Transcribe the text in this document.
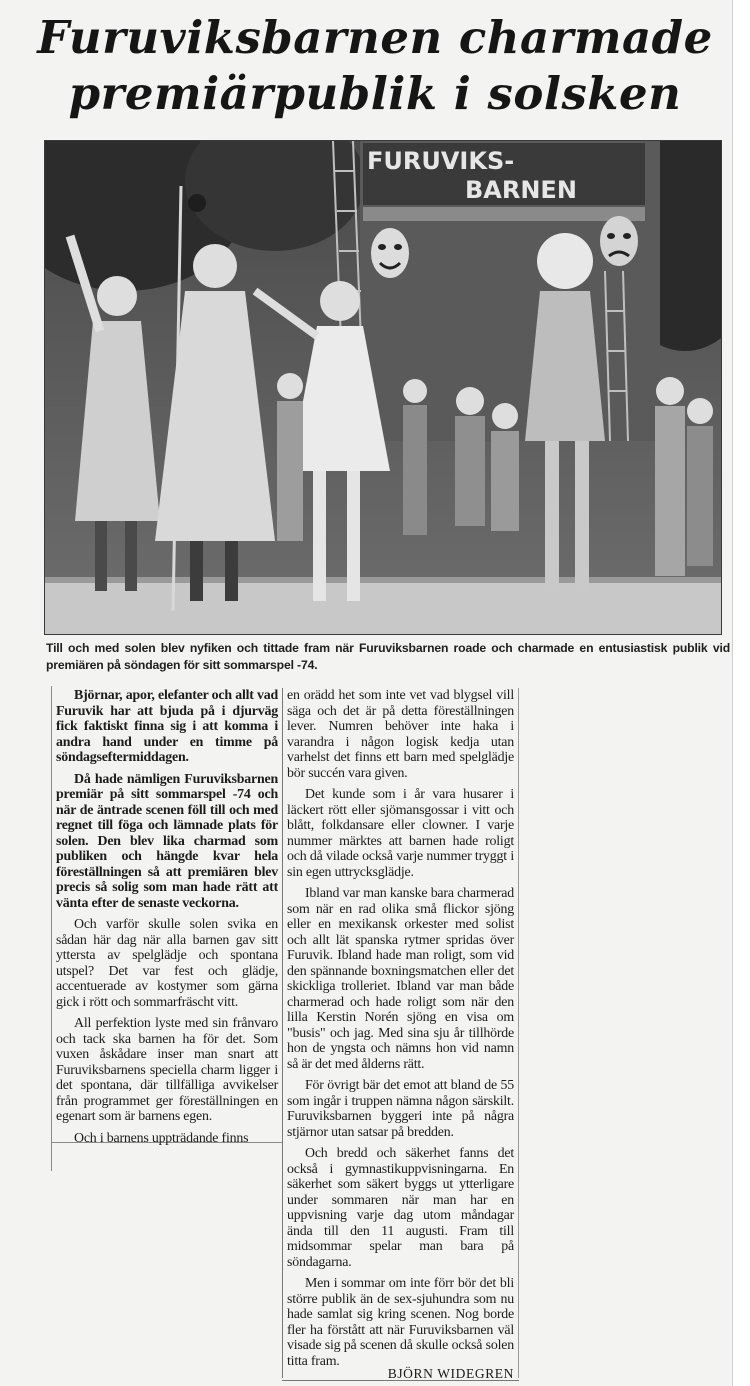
Furuviksbarnen charmade
premiärpublik i solsken
FURUVIKS-
BARNEN
Till och med solen blev nyfiken och tittade fram när Furuviksbarnen roade och charmade en entusiastisk publik vid premiären på söndagen för sitt sommarspel -74.

Björnar, apor, elefanter och allt vad Furuvik har att bjuda på i djurväg fick faktiskt finna sig i att komma i andra hand under en timme på söndagseftermiddagen.

Då hade nämligen Furuviksbarnen premiär på sitt sommarspel -74 och när de äntrade scenen föll till och med regnet till föga och lämnade plats för solen. Den blev lika charmad som publiken och hängde kvar hela föreställningen så att premiären blev precis så solig som man hade rätt att vänta efter de senaste veckorna.

Och varför skulle solen svika en sådan här dag när alla barnen gav sitt yttersta av spelglädje och spontana utspel? Det var fest och glädje, accentuerade av kostymer som gärna gick i rött och sommarfräscht vitt.

All perfektion lyste med sin frånvaro och tack ska barnen ha för det. Som vuxen åskådare inser man snart att Furuviksbarnens speciella charm ligger i det spontana, där tillfälliga avvikelser från programmet ger föreställningen en egenart som är barnens egen.

Och i barnens uppträdande finns

en orädd het som inte vet vad blygsel vill säga och det är på detta föreställningen lever. Numren behöver inte haka i varandra i någon logisk kedja utan varhelst det finns ett barn med spelglädje bör succén vara given.

Det kunde som i år vara husarer i läckert rött eller sjömansgossar i vitt och blått, folkdansare eller clowner. I varje nummer märktes att barnen hade roligt och då vilade också varje nummer tryggt i sin egen uttrycksglädje.

Ibland var man kanske bara charmerad som när en rad olika små flickor sjöng eller en mexikansk orkester med solist och allt lät spanska rytmer spridas över Furuvik. Ibland hade man roligt, som vid den spännande boxningsmatchen eller det skickliga trolleriet. Ibland var man både charmerad och hade roligt som när den lilla Kerstin Norén sjöng en visa om "busis" och jag. Med sina sju år tillhörde hon de yngsta och nämns hon vid namn så är det med ålderns rätt.

För övrigt bär det emot att bland de 55 som ingår i truppen nämna någon särskilt. Furuviksbarnen byggeri inte på några stjärnor utan satsar på bredden.

Och bredd och säkerhet fanns det också i gymnastikuppvisningarna. En säkerhet som säkert byggs ut ytterligare under sommaren när man har en uppvisning varje dag utom måndagar ända till den 11 augusti. Fram till midsommar spelar man bara på söndagarna.

Men i sommar om inte förr bör det bli större publik än de sex-sjuhundra som nu hade samlat sig kring scenen. Nog borde fler ha förstått att när Furuviksbarnen väl visade sig på scenen då skulle också solen titta fram.

BJÖRN WIDEGREN
